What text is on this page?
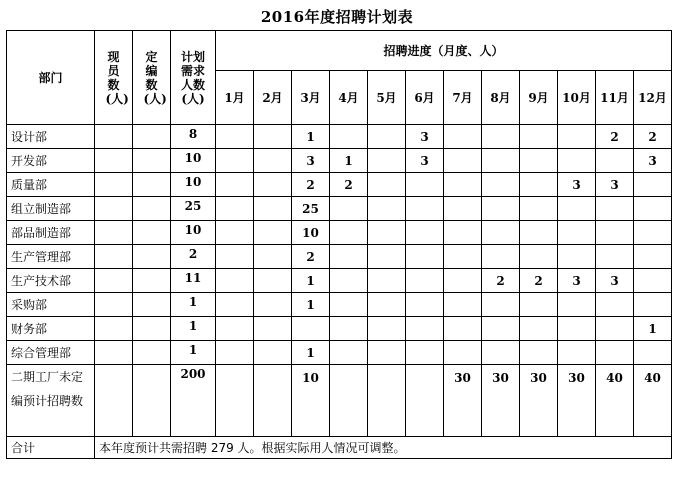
2016年度招聘计划表
部门	现员数(人)	定编数(人)	计划需求人数(人)	招聘进度（月度、人）											
				1月	2月	3月	4月	5月	6月	7月	8月	9月	10月	11月	12月
设计部			8			1			3					2	2
开发部			10			3	1		3						3
质量部			10			2	2						3	3	
组立制造部			25			25									
部品制造部			10			10									
生产管理部			2			2									
生产技术部			11			1					2	2	3	3	
采购部			1			1									
财务部			1												1
综合管理部			1			1									
二期工厂未定编预计招聘数			200			10				30	30	30	30	40	40
合计	本年度预计共需招聘 279 人。根据实际用人情况可调整。														
